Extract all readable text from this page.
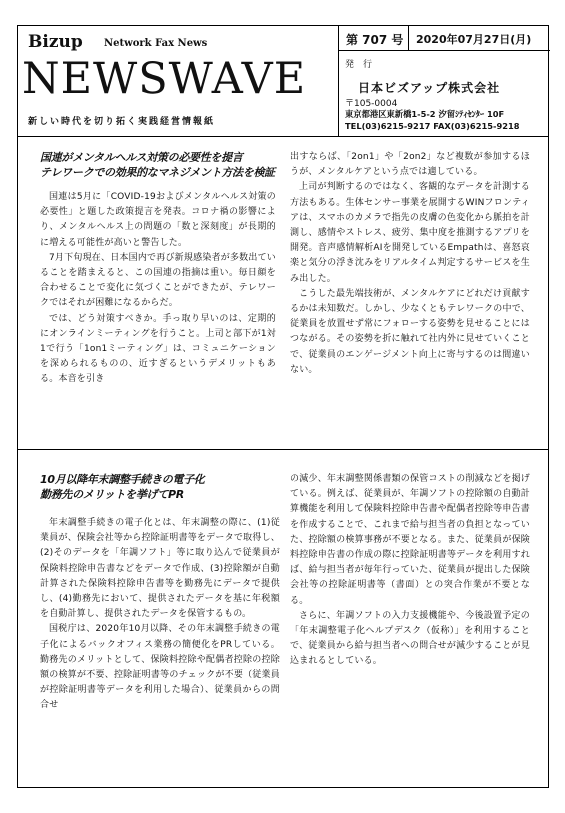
Bizup Network Fax News
NEWSWAVE
新しい時代を切り拓く実践経営情報紙
第 707 号 2020年07月27日(月)
発　行
日本ビズアップ株式会社
〒105-0004
東京都港区東新橋1-5-2 汐留ｼﾃｨｾﾝﾀｰ 10F
TEL(03)6215-9217 FAX(03)6215-9218
国連がメンタルヘルス対策の必要性を提言
テレワークでの効果的なマネジメント方法を検証

国連は5月に「COVID-19およびメンタルヘルス対策の必要性」と題した政策提言を発表。コロナ禍の影響により、メンタルヘルス上の問題の「数と深刻度」が長期的に増える可能性が高いと警告した。

7月下旬現在、日本国内で再び新規感染者が多数出ていることを踏まえると、この国連の指摘は重い。毎日顔を合わせることで変化に気づくことができたが、テレワークではそれが困難になるからだ。

では、どう対策すべきか。手っ取り早いのは、定期的にオンラインミーティングを行うこと。上司と部下が1対1で行う「1on1ミーティング」は、コミュニケーションを深められるものの、近すぎるというデメリットもある。本音を引き

出すならば、「2on1」や「2on2」など複数が参加するほうが、メンタルケアという点では適している。

上司が判断するのではなく、客観的なデータを計測する方法もある。生体センサー事業を展開するWINフロンティアは、スマホのカメラで指先の皮膚の色変化から脈拍を計測し、感情やストレス、疲労、集中度を推測するアプリを開発。音声感情解析AIを開発しているEmpathは、喜怒哀楽と気分の浮き沈みをリアルタイム判定するサービスを生み出した。

こうした最先端技術が、メンタルケアにどれだけ貢献するかは未知数だ。しかし、少なくともテレワークの中で、従業員を放置せず常にフォローする姿勢を見せることにはつながる。その姿勢を折に触れて社内外に見せていくことで、従業員のエンゲージメント向上に寄与するのは間違いない。

10月以降年末調整手続きの電子化
勤務先のメリットを挙げてPR

年末調整手続きの電子化とは、年末調整の際に、(1)従業員が、保険会社等から控除証明書等をデータで取得し、(2)そのデータを「年調ソフト」等に取り込んで従業員が保険料控除申告書などをデータで作成、(3)控除額が自動計算された保険料控除申告書等を勤務先にデータで提供し、(4)勤務先において、提供されたデータを基に年税額を自動計算し、提供されたデータを保管するもの。

国税庁は、2020年10月以降、その年末調整手続きの電子化によるバックオフィス業務の簡便化をPRしている。勤務先のメリットとして、保険料控除や配偶者控除の控除額の検算が不要、控除証明書等のチェックが不要（従業員が控除証明書等データを利用した場合）、従業員からの問合せ

の減少、年末調整関係書類の保管コストの削減などを掲げている。例えば、従業員が、年調ソフトの控除額の自動計算機能を利用して保険料控除申告書や配偶者控除等申告書を作成することで、これまで給与担当者の負担となっていた、控除額の検算事務が不要となる。また、従業員が保険料控除申告書の作成の際に控除証明書等データを利用すれば、給与担当者が毎年行っていた、従業員が提出した保険会社等の控除証明書等（書面）との突合作業が不要となる。

さらに、年調ソフトの入力支援機能や、今後設置予定の「年末調整電子化ヘルプデスク（仮称）」を利用することで、従業員から給与担当者への問合せが減少することが見込まれるとしている。
